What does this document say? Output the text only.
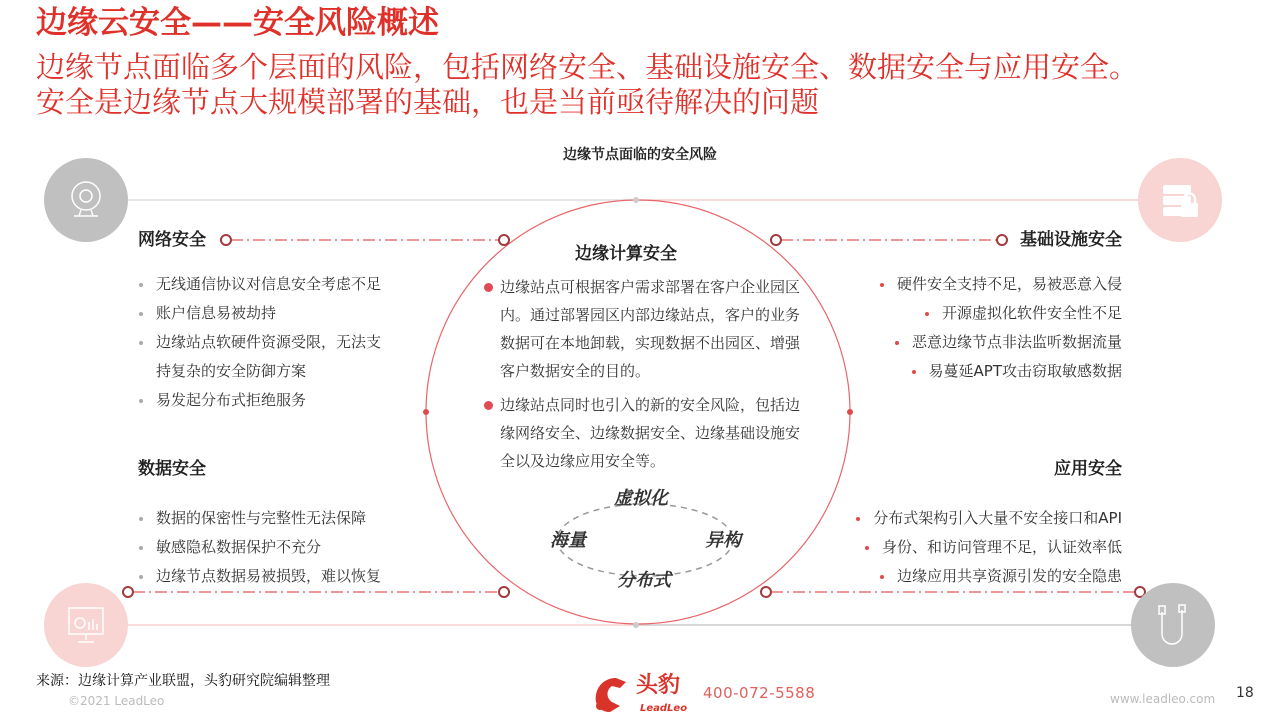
边缘云安全——安全风险概述
边缘节点面临多个层面的风险，包括网络安全、基础设施安全、数据安全与应用安全。
安全是边缘节点大规模部署的基础，也是当前亟待解决的问题
边缘节点面临的安全风险
网络安全
无线通信协议对信息安全考虑不足
账户信息易被劫持
边缘站点软硬件资源受限，无法支
持复杂的安全防御方案
易发起分布式拒绝服务
数据安全
数据的保密性与完整性无法保障
敏感隐私数据保护不充分
边缘节点数据易被损毁，难以恢复
基础设施安全
硬件安全支持不足，易被恶意入侵
开源虚拟化软件安全性不足
恶意边缘节点非法监听数据流量
易蔓延APT攻击窃取敏感数据
应用安全
分布式架构引入大量不安全接口和API
身份、和访问管理不足，认证效率低
边缘应用共享资源引发的安全隐患
边缘计算安全
边缘站点可根据客户需求部署在客户企业园区内。通过部署园区内部边缘站点，客户的业务数据可在本地卸载，实现数据不出园区、增强客户数据安全的目的。
边缘站点同时也引入的新的安全风险，包括边缘网络安全、边缘数据安全、边缘基础设施安全以及边缘应用安全等。
虚拟化
海量	异构
分布式
来源：边缘计算产业联盟，头豹研究院编辑整理
©2021 LeadLeo
头豹
LeadLeo
400-072-5588	www.leadleo.com 18
